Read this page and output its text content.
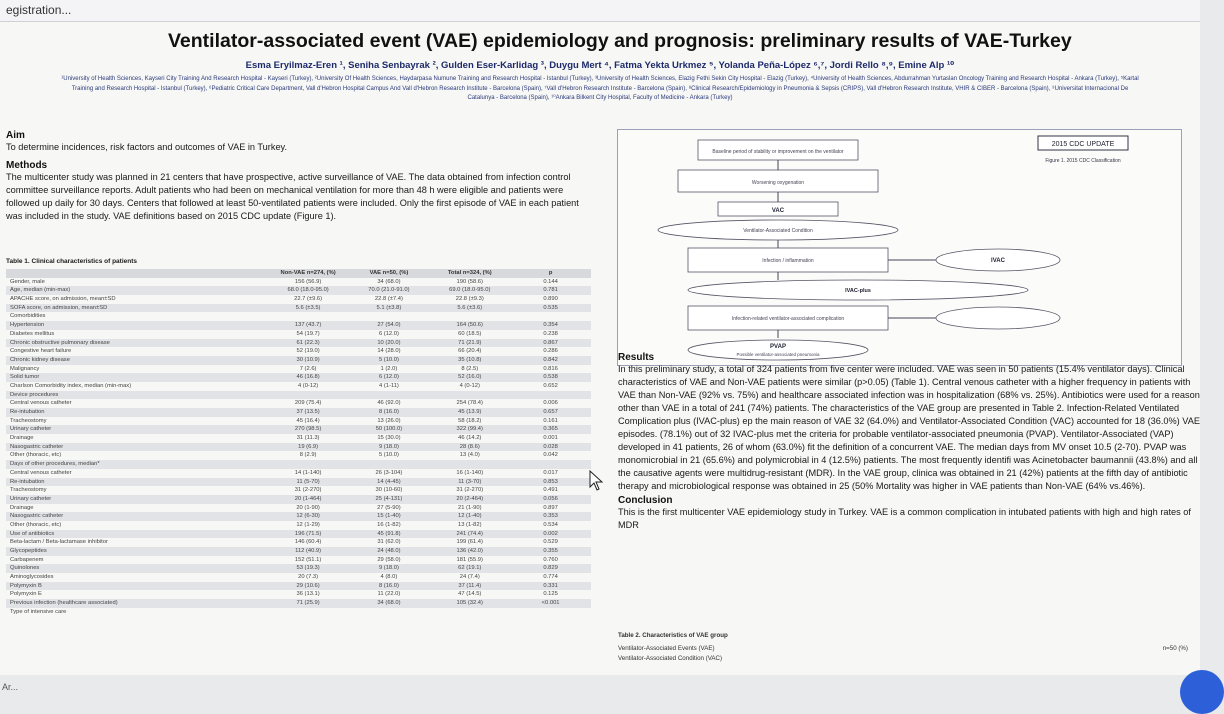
egistration...
Ventilator-associated event (VAE) epidemiology and prognosis: preliminary results of VAE-Turkey
Esma Eryilmaz-Eren ¹, Seniha Senbayrak ², Gulden Eser-Karlidag ³, Duygu Mert ⁴, Fatma Yekta Urkmez ⁵, Yolanda Peña-López ⁶,⁷, Jordi Rello ⁸,⁹, Emine Alp ¹⁰
¹University of Health Sciences, Kayseri City Training And Research Hospital - Kayseri (Turkey), ²University Of Health Sciences, Haydarpasa Numune Training and Research Hospital - Istanbul (Turkey), ³University of Health Sciences, Elazig Fethi Sekin City Hospital - Elazig (Turkey), ⁴University of Health Sciences, Abdurrahman Yurtaslan Oncology Training and Research Hospital - Ankara (Turkey), ⁵Kartal Training and Research Hospital - Istanbul (Turkey), ⁶Pediatric Critical Care Department, Vall d'Hebron Hospital Campus And Vall d'Hebron Research Institute - Barcelona (Spain), ⁷Vall d'Hebron Research Institute - Barcelona (Spain), ⁸Clinical Research/Epidemiology in Pneumonia & Sepsis (CRIPS), Vall d'Hebron Research Institute, VHIR & CIBER - Barcelona (Spain), ⁹Universitat Internacional De Catalunya - Barcelona (Spain), ¹⁰Ankara Bilkent City Hospital, Faculty of Medicine - Ankara (Turkey)
Aim
To determine incidences, risk factors and outcomes of VAE in Turkey.
Methods
The multicenter study was planned in 21 centers that have prospective, active surveillance of VAE. The data obtained from infection control committee surveillance reports. Adult patients who had been on mechanical ventilation for more than 48 h were eligible and patients were followed up daily for 30 days. Centers that followed at least 50-ventilated patients were included. Only the first episode of VAE in each patient was included in the study. VAE definitions based on 2015 CDC update (Figure 1).
Table 1. Clinical characteristics of patients
Non-VAE n=274, (%)	VAE n=50, (%)	Total n=324, (%)	p
Gender, male	156 (56.9)	34 (68.0)	190 (58.6)	0.144
Age, median (min-max)	68.0 (18.0-95.0)	70.0 (21.0-91.0)	69.0 (18.0-95.0)	0.781
APACHE score, on admission, mean±SD	22.7 (±9.6)	22.8 (±7.4)	22.8 (±9.3)	0.890
SOFA score, on admission, mean±SD	5.6 (±3.5)	5.1 (±3.8)	5.6 (±3.6)	0.535
Comorbidities
Hypertension	137 (43.7)	27 (54.0)	164 (50.6)	0.354
Diabetes mellitus	54 (19.7)	6 (12.0)	60 (18.5)	0.238
Chronic obstructive pulmonary disease	61 (22.3)	10 (20.0)	71 (21.9)	0.867
Congestive heart failure	52 (19.0)	14 (28.0)	66 (20.4)	0.286
Chronic kidney disease	30 (10.9)	5 (10.0)	35 (10.8)	0.842
Malignancy	7 (2.6)	1 (2.0)	8 (2.5)	0.816
Solid tumor	46 (16.8)	6 (12.0)	52 (16.0)	0.538
Charlson Comorbidity index, median (min-max)	4 (0-12)	4 (1-11)	4 (0-12)	0.652
Device procedures
Central venous catheter	209 (75.4)	46 (92.0)	254 (78.4)	0.006
Re-intubation	37 (13.5)	8 (16.0)	45 (13.9)	0.657
Tracheostomy	45 (16.4)	13 (26.0)	58 (18.2)	0.161
Urinary catheter	270 (98.5)	50 (100.0)	322 (99.4)	0.365
Drainage	31 (11.3)	15 (30.0)	46 (14.2)	0.001
Nasogastric catheter	19 (6.9)	9 (18.0)	28 (8.6)	0.028
Other (thoracic, etc)	8 (2.9)	5 (10.0)	13 (4.0)	0.042
Days of other procedures, median*
Central venous catheter	14 (1-140)	26 (3-104)	16 (1-140)	0.017
Re-intubation	11 (5-70)	14 (4-45)	11 (3-70)	0.853
Tracheostomy	31 (2-270)	30 (10-60)	31 (2-270)	0.491
Urinary catheter	20 (1-464)	25 (4-131)	20 (2-464)	0.056
Drainage	20 (1-90)	27 (5-90)	21 (1-90)	0.897
Nasogastric catheter	12 (6-30)	15 (1-40)	12 (1-40)	0.353
Other (thoracic, etc)	12 (1-29)	16 (1-82)	13 (1-82)	0.534
Use of antibiotics	196 (71.5)	45 (91.8)	241 (74.4)	0.002
Beta-lactam / Beta-lactamase inhibitor	146 (60.4)	31 (62.0)	199 (61.4)	0.529
Glycopeptides	112 (40.9)	24 (48.0)	136 (42.0)	0.355
Carbapenem	152 (51.1)	29 (58.0)	181 (55.9)	0.760
Quinolones	53 (19.3)	9 (18.0)	62 (19.1)	0.829
Aminoglycosides	20 (7.3)	4 (8.0)	24 (7.4)	0.774
Polymyxin B	29 (10.6)	8 (16.0)	37 (11.4)	0.331
Polymyxin E	36 (13.1)	11 (22.0)	47 (14.5)	0.125
Previous infection (healthcare associated)	71 (25.9)	34 (68.0)	105 (32.4)	<0.001
Type of intensive care
2015 CDC UPDATE
Figure 1. 2015 CDC Classification
Baseline period of stability or improvement on the ventilator
Worsening oxygenation
VAC
Ventilator-Associated Condition
Infection / inflammation	IVAC
IVAC-plus
Infection-related ventilator-associated complication
PVAP
Possible ventilator-associated pneumonia
Results
In this preliminary study, a total of 324 patients from five center were included. VAE was seen in 50 patients (15.4% ventilator days). Clinical characteristics of VAE and Non-VAE patients were similar (p>0.05) (Table 1). Central venous catheter with a higher frequency in patients with VAE than Non-VAE (92% vs. 75%) and healthcare associated infection was in hospitalization (68% vs. 25%). Antibiotics were used for a reason other than VAE in a total of 241 (74%) patients. The characteristics of the VAE group are presented in Table 2. Infection-Related Ventilated Complication plus (IVAC-plus) ep the main reason of VAE 32 (64.0%) and Ventilator-Associated Condition (VAC) accounted for 18 (36.0%) VAE episodes. (78.1%) out of 32 IVAC-plus met the criteria for probable ventilator-associated pneumonia (PVAP). Ventilator-Associated (VAP) developed in 41 patients, 26 of whom (63.0%) fit the definition of a concurrent VAE. The median days from MV onset 10.5 (2-70). PVAP was monomicrobial in 21 (65.6%) and polymicrobial in 4 (12.5%) patients. The most frequently identifi was Acinetobacter baumannii (43.8%) and all the causative agents were multidrug-resistant (MDR). In the VAE group, clinica was obtained in 21 (42%) patients at the fifth day of antibiotic therapy and microbiological response was obtained in 25 (50% Mortality was higher in VAE patients than Non-VAE (64% vs.46%).
Conclusion
This is the first multicenter VAE epidemiology study in Turkey. VAE is a common complication in intubated patients with high and high rates of MDR
Table 2. Characteristics of VAE group
Ventilator-Associated Events (VAE)	n=50 (%)
Ventilator-Associated Condition (VAC)
Ar...
